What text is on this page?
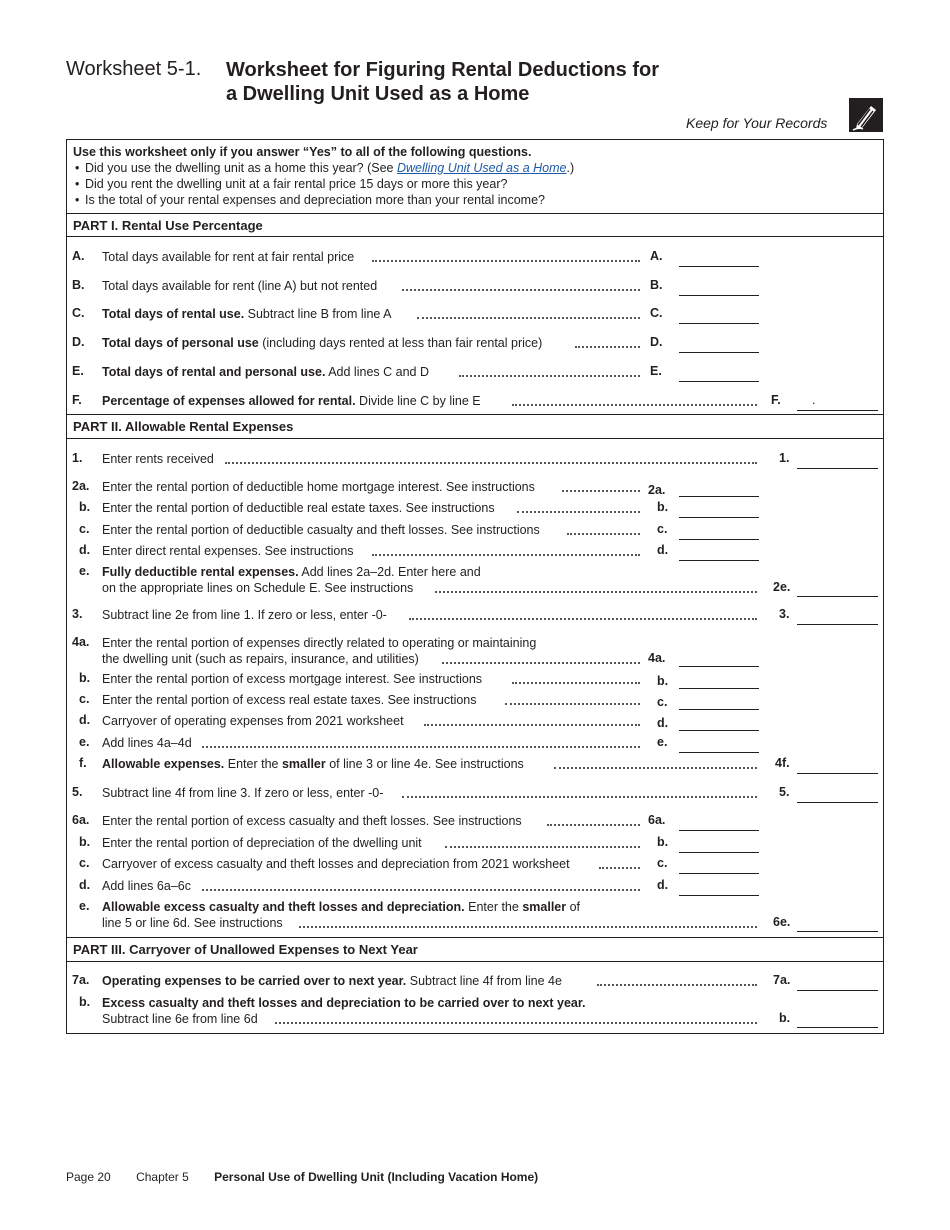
Worksheet 5-1. Worksheet for Figuring Rental Deductions for a Dwelling Unit Used as a Home
Keep for Your Records
Use this worksheet only if you answer “Yes” to all of the following questions.
• Did you use the dwelling unit as a home this year? (See Dwelling Unit Used as a Home.)
• Did you rent the dwelling unit at a fair rental price 15 days or more this year?
• Is the total of your rental expenses and depreciation more than your rental income?
PART I. Rental Use Percentage
A. Total days available for rent at fair rental price	A.
B. Total days available for rent (line A) but not rented	B.
C. Total days of rental use. Subtract line B from line A	C.
D. Total days of personal use (including days rented at less than fair rental price)	D.
E. Total days of rental and personal use. Add lines C and D	E.
F. Percentage of expenses allowed for rental. Divide line C by line E	F.	.
PART II. Allowable Rental Expenses
1. Enter rents received	1.
2a. Enter the rental portion of deductible home mortgage interest. See instructions	2a.
b. Enter the rental portion of deductible real estate taxes. See instructions	b.
c. Enter the rental portion of deductible casualty and theft losses. See instructions	c.
d. Enter direct rental expenses. See instructions	d.
e. Fully deductible rental expenses. Add lines 2a–2d. Enter here and
on the appropriate lines on Schedule E. See instructions	2e.
3. Subtract line 2e from line 1. If zero or less, enter -0-	3.
4a. Enter the rental portion of expenses directly related to operating or maintaining
the dwelling unit (such as repairs, insurance, and utilities)	4a.
b. Enter the rental portion of excess mortgage interest. See instructions	b.
c. Enter the rental portion of excess real estate taxes. See instructions	c.
d. Carryover of operating expenses from 2021 worksheet	d.
e. Add lines 4a–4d	e.
f. Allowable expenses. Enter the smaller of line 3 or line 4e. See instructions	4f.
5. Subtract line 4f from line 3. If zero or less, enter -0-	5.
6a. Enter the rental portion of excess casualty and theft losses. See instructions	6a.
b. Enter the rental portion of depreciation of the dwelling unit	b.
c. Carryover of excess casualty and theft losses and depreciation from 2021 worksheet	c.
d. Add lines 6a–6c	d.
e. Allowable excess casualty and theft losses and depreciation. Enter the smaller of
line 5 or line 6d. See instructions	6e.
PART III. Carryover of Unallowed Expenses to Next Year
7a. Operating expenses to be carried over to next year. Subtract line 4f from line 4e	7a.
b. Excess casualty and theft losses and depreciation to be carried over to next year.
Subtract line 6e from line 6d	b.
Page 20 Chapter 5 Personal Use of Dwelling Unit (Including Vacation Home)
